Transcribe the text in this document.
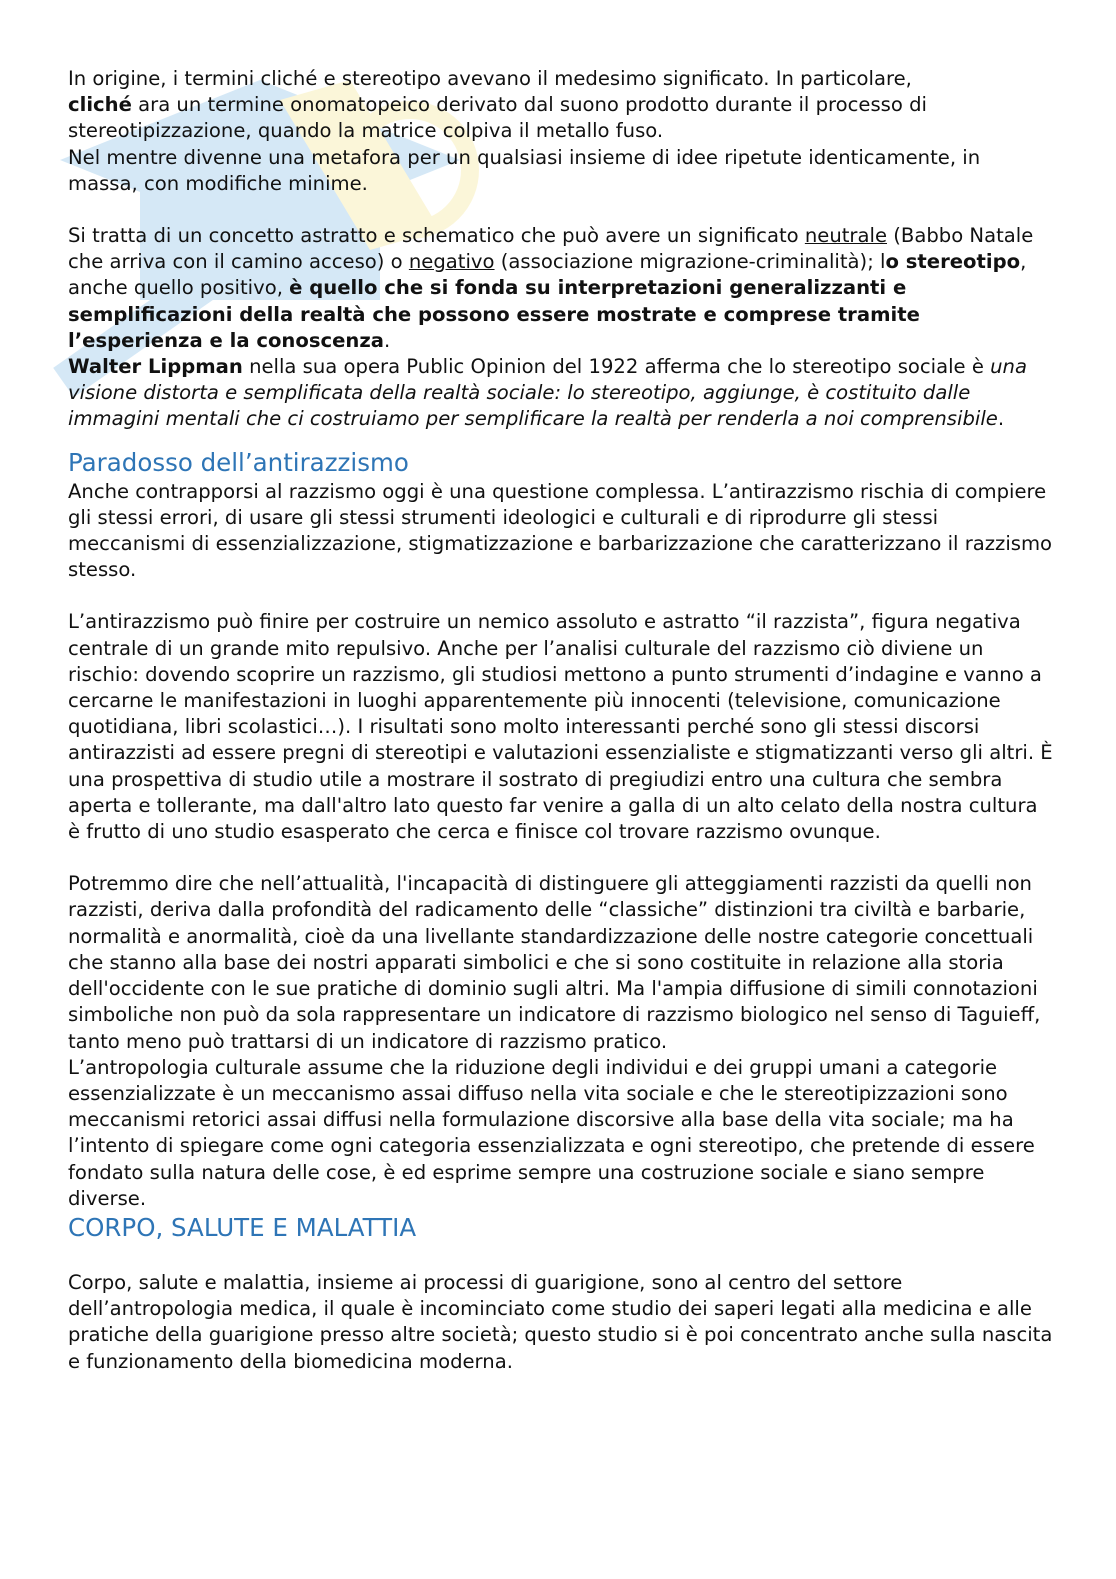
In origine, i termini cliché e stereotipo avevano il medesimo significato. In particolare,
cliché ara un termine onomatopeico derivato dal suono prodotto durante il processo di stereotipizzazione, quando la matrice colpiva il metallo fuso.

Nel mentre divenne una metafora per un qualsiasi insieme di idee ripetute identicamente, in massa, con modifiche minime.

Si tratta di un concetto astratto e schematico che può avere un significato neutrale (Babbo Natale che arriva con il camino acceso) o negativo (associazione migrazione-criminalità); lo stereotipo, anche quello positivo, è quello che si fonda su interpretazioni generalizzanti e semplificazioni della realtà che possono essere mostrate e comprese tramite l’esperienza e la conoscenza.

Walter Lippman nella sua opera Public Opinion del 1922 afferma che lo stereotipo sociale è una visione distorta e semplificata della realtà sociale: lo stereotipo, aggiunge, è costituito dalle immagini mentali che ci costruiamo per semplificare la realtà per renderla a noi comprensibile.

Paradosso dell’antirazzismo

Anche contrapporsi al razzismo oggi è una questione complessa. L’antirazzismo rischia di compiere gli stessi errori, di usare gli stessi strumenti ideologici e culturali e di riprodurre gli stessi meccanismi di essenzializzazione, stigmatizzazione e barbarizzazione che caratterizzano il razzismo stesso.

L’antirazzismo può finire per costruire un nemico assoluto e astratto “il razzista”, figura negativa centrale di un grande mito repulsivo. Anche per l’analisi culturale del razzismo ciò diviene un rischio: dovendo scoprire un razzismo, gli studiosi mettono a punto strumenti d’indagine e vanno a cercarne le manifestazioni in luoghi apparentemente più innocenti (televisione, comunicazione quotidiana, libri scolastici…). I risultati sono molto interessanti perché sono gli stessi discorsi antirazzisti ad essere pregni di stereotipi e valutazioni essenzialiste e stigmatizzanti verso gli altri. È una prospettiva di studio utile a mostrare il sostrato di pregiudizi entro una cultura che sembra aperta e tollerante, ma dall'altro lato questo far venire a galla di un alto celato della nostra cultura è frutto di uno studio esasperato che cerca e finisce col trovare razzismo ovunque.

Potremmo dire che nell’attualità, l'incapacità di distinguere gli atteggiamenti razzisti da quelli non razzisti, deriva dalla profondità del radicamento delle “classiche” distinzioni tra civiltà e barbarie, normalità e anormalità, cioè da una livellante standardizzazione delle nostre categorie concettuali che stanno alla base dei nostri apparati simbolici e che si sono costituite in relazione alla storia dell'occidente con le sue pratiche di dominio sugli altri. Ma l'ampia diffusione di simili connotazioni simboliche non può da sola rappresentare un indicatore di razzismo biologico nel senso di Taguieff, tanto meno può trattarsi di un indicatore di razzismo pratico.

L’antropologia culturale assume che la riduzione degli individui e dei gruppi umani a categorie essenzializzate è un meccanismo assai diffuso nella vita sociale e che le stereotipizzazioni sono meccanismi retorici assai diffusi nella formulazione discorsive alla base della vita sociale; ma ha l’intento di spiegare come ogni categoria essenzializzata e ogni stereotipo, che pretende di essere fondato sulla natura delle cose, è ed esprime sempre una costruzione sociale e siano sempre diverse.

CORPO, SALUTE E MALATTIA

Corpo, salute e malattia, insieme ai processi di guarigione, sono al centro del settore dell’antropologia medica, il quale è incominciato come studio dei saperi legati alla medicina e alle pratiche della guarigione presso altre società; questo studio si è poi concentrato anche sulla nascita e funzionamento della biomedicina moderna.
